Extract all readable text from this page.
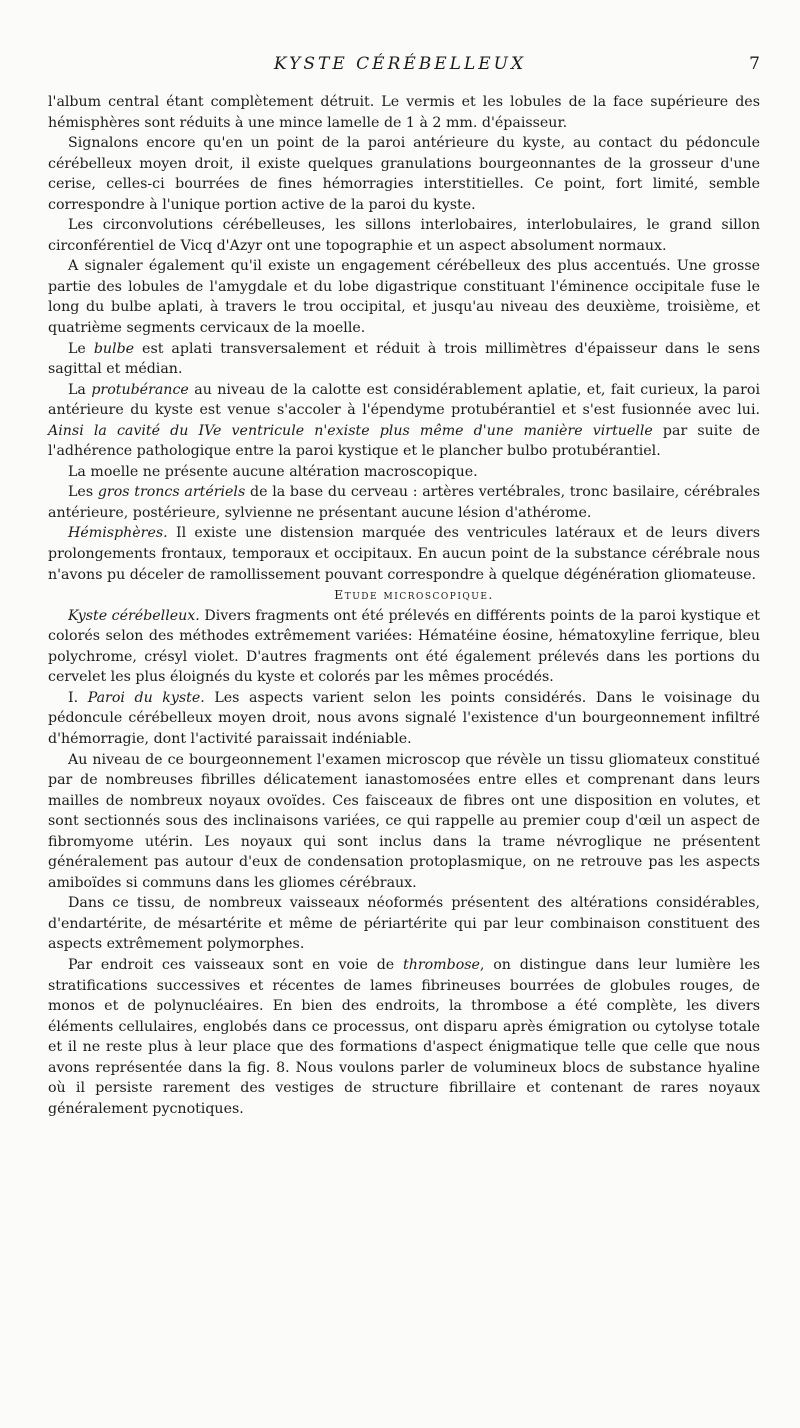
KYSTE CÉRÉBELLEUX	7

l'album central étant complètement détruit. Le vermis et les lobules de la face supérieure des hémisphères sont réduits à une mince lamelle de 1 à 2 mm. d'épaisseur.

Signalons encore qu'en un point de la paroi antérieure du kyste, au contact du pédoncule cérébelleux moyen droit, il existe quelques granulations bourgeonnantes de la grosseur d'une cerise, celles-ci bourrées de fines hémorragies interstitielles. Ce point, fort limité, semble correspondre à l'unique portion active de la paroi du kyste.

Les circonvolutions cérébelleuses, les sillons interlobaires, interlobulaires, le grand sillon circonférentiel de Vicq d'Azyr ont une topographie et un aspect absolument normaux.

A signaler également qu'il existe un engagement cérébelleux des plus accentués. Une grosse partie des lobules de l'amygdale et du lobe digastrique constituant l'éminence occipitale fuse le long du bulbe aplati, à travers le trou occipital, et jusqu'au niveau des deuxième, troisième, et quatrième segments cervicaux de la moelle.

Le bulbe est aplati transversalement et réduit à trois millimètres d'épaisseur dans le sens sagittal et médian.

La protubérance au niveau de la calotte est considérablement aplatie, et, fait curieux, la paroi antérieure du kyste est venue s'accoler à l'épendyme protubérantiel et s'est fusionnée avec lui. Ainsi la cavité du IVe ventricule n'existe plus même d'une manière virtuelle par suite de l'adhérence pathologique entre la paroi kystique et le plancher bulbo protubérantiel.

La moelle ne présente aucune altération macroscopique.

Les gros troncs artériels de la base du cerveau : artères vertébrales, tronc basilaire, cérébrales antérieure, postérieure, sylvienne ne présentant aucune lésion d'athérome.

Hémisphères. Il existe une distension marquée des ventricules latéraux et de leurs divers prolongements frontaux, temporaux et occipitaux. En aucun point de la substance cérébrale nous n'avons pu déceler de ramollissement pouvant correspondre à quelque dégénération gliomateuse.

Etude microscopique.

Kyste cérébelleux. Divers fragments ont été prélevés en différents points de la paroi kystique et colorés selon des méthodes extrêmement variées: Hématéine éosine, hématoxyline ferrique, bleu polychrome, crésyl violet. D'autres fragments ont été également prélevés dans les portions du cervelet les plus éloignés du kyste et colorés par les mêmes procédés.

I. Paroi du kyste. Les aspects varient selon les points considérés. Dans le voisinage du pédoncule cérébelleux moyen droit, nous avons signalé l'existence d'un bourgeonnement infiltré d'hémorragie, dont l'activité paraissait indéniable.

Au niveau de ce bourgeonnement l'examen microscop que révèle un tissu gliomateux constitué par de nombreuses fibrilles délicatement ianastomosées entre elles et comprenant dans leurs mailles de nombreux noyaux ovoïdes. Ces faisceaux de fibres ont une disposition en volutes, et sont sectionnés sous des inclinaisons variées, ce qui rappelle au premier coup d'œil un aspect de fibromyome utérin. Les noyaux qui sont inclus dans la trame névroglique ne présentent généralement pas autour d'eux de condensation protoplasmique, on ne retrouve pas les aspects amiboïdes si communs dans les gliomes cérébraux.

Dans ce tissu, de nombreux vaisseaux néoformés présentent des altérations considérables, d'endartérite, de mésartérite et même de périartérite qui par leur combinaison constituent des aspects extrêmement polymorphes.

Par endroit ces vaisseaux sont en voie de thrombose, on distingue dans leur lumière les stratifications successives et récentes de lames fibrineuses bourrées de globules rouges, de monos et de polynucléaires. En bien des endroits, la thrombose a été complète, les divers éléments cellulaires, englobés dans ce processus, ont disparu après émigration ou cytolyse totale et il ne reste plus à leur place que des formations d'aspect énigmatique telle que celle que nous avons représentée dans la fig. 8. Nous voulons parler de volumineux blocs de substance hyaline où il persiste rarement des vestiges de structure fibrillaire et contenant de rares noyaux généralement pycnotiques.
